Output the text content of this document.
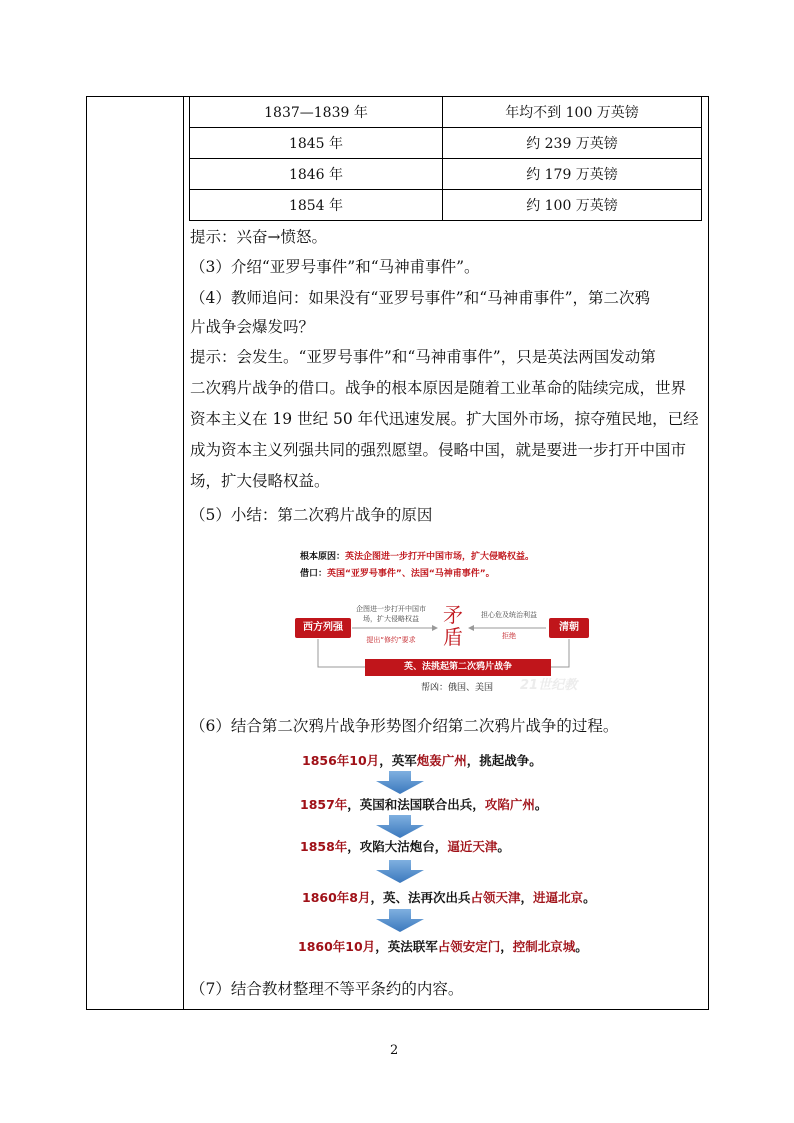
1837—1839 年	年均不到 100 万英镑
1845 年	约 239 万英镑
1846 年	约 179 万英镑
1854 年	约 100 万英镑
提示：兴奋→愤怒。
（3）介绍“亚罗号事件”和“马神甫事件”。
（4）教师追问：如果没有“亚罗号事件”和“马神甫事件”，第二次鸦
片战争会爆发吗？
提示：会发生。“亚罗号事件”和“马神甫事件”，只是英法两国发动第
二次鸦片战争的借口。战争的根本原因是随着工业革命的陆续完成，世界
资本主义在 19 世纪 50 年代迅速发展。扩大国外市场，掠夺殖民地，已经
成为资本主义列强共同的强烈愿望。侵略中国，就是要进一步打开中国市
场，扩大侵略权益。
（5）小结：第二次鸦片战争的原因
根本原因：英法企图进一步打开中国市场，扩大侵略权益。
借口：英国“亚罗号事件”、法国“马神甫事件”。
西方列强	清朝
企图进一步打开中国市场，扩大侵略权益
提出“修约”要求
担心危及统治利益
拒绝
矛
盾
英、法挑起第二次鸦片战争
帮凶：俄国、美国 21世纪教
（6）结合第二次鸦片战争形势图介绍第二次鸦片战争的过程。
1856年10月，英军炮轰广州，挑起战争。
1857年，英国和法国联合出兵，攻陷广州。
1858年，攻陷大沽炮台，逼近天津。
1860年8月，英、法再次出兵占领天津，进逼北京。
1860年10月，英法联军占领安定门，控制北京城。
（7）结合教材整理不等平条约的内容。
2
